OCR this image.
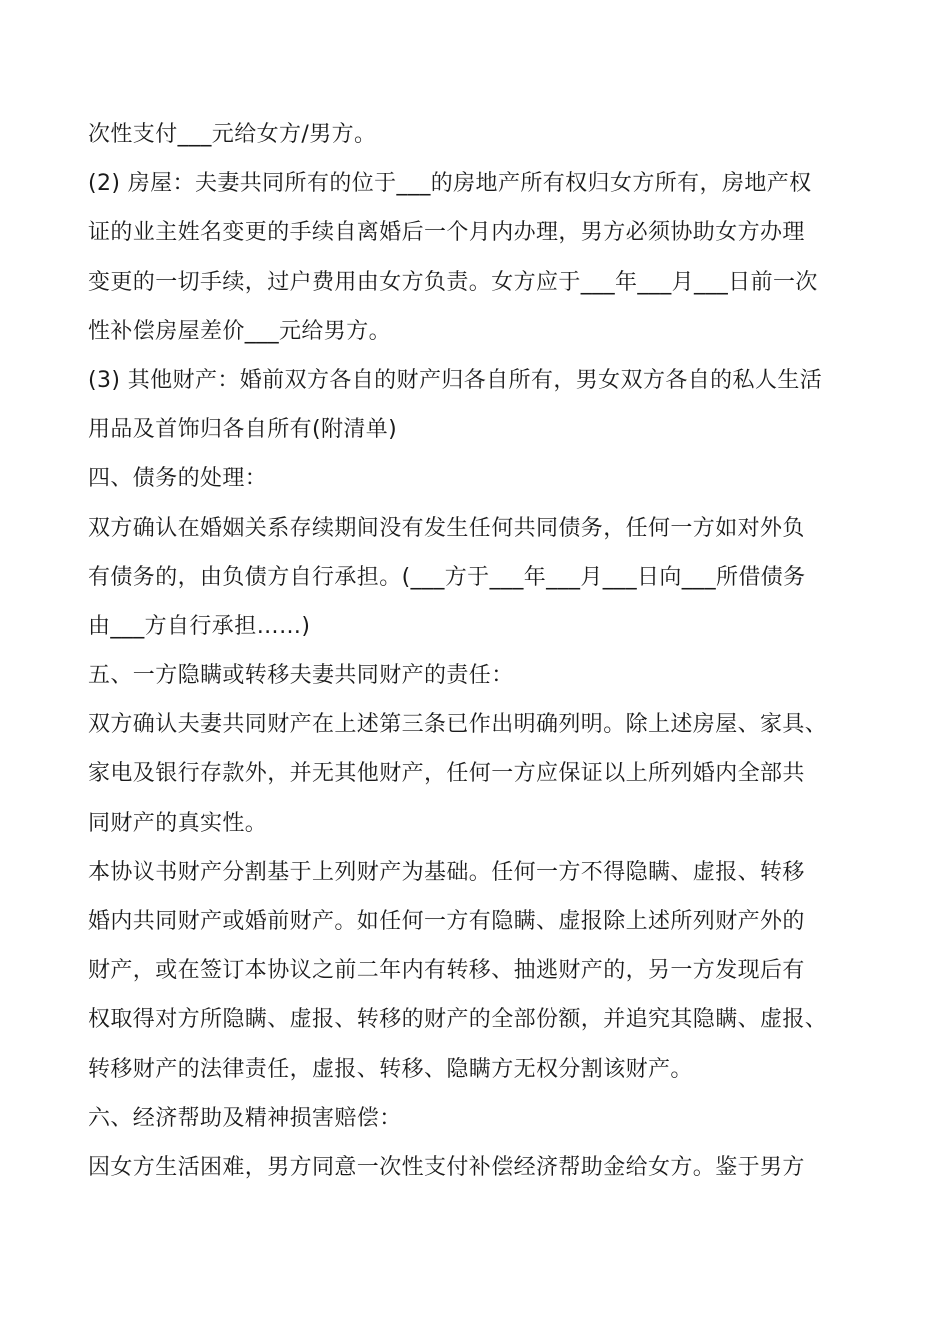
次性支付___元给女方/男方。
(2) 房屋：夫妻共同所有的位于___的房地产所有权归女方所有，房地产权
证的业主姓名变更的手续自离婚后一个月内办理，男方必须协助女方办理
变更的一切手续，过户费用由女方负责。女方应于___年___月___日前一次
性补偿房屋差价___元给男方。
(3) 其他财产：婚前双方各自的财产归各自所有，男女双方各自的私人生活
用品及首饰归各自所有(附清单)
四、债务的处理：
双方确认在婚姻关系存续期间没有发生任何共同债务，任何一方如对外负
有债务的，由负债方自行承担。(___方于___年___月___日向___所借债务
由___方自行承担……)
五、一方隐瞒或转移夫妻共同财产的责任：
双方确认夫妻共同财产在上述第三条已作出明确列明。除上述房屋、家具、
家电及银行存款外，并无其他财产，任何一方应保证以上所列婚内全部共
同财产的真实性。
本协议书财产分割基于上列财产为基础。任何一方不得隐瞒、虚报、转移
婚内共同财产或婚前财产。如任何一方有隐瞒、虚报除上述所列财产外的
财产，或在签订本协议之前二年内有转移、抽逃财产的，另一方发现后有
权取得对方所隐瞒、虚报、转移的财产的全部份额，并追究其隐瞒、虚报、
转移财产的法律责任，虚报、转移、隐瞒方无权分割该财产。
六、经济帮助及精神损害赔偿：
因女方生活困难，男方同意一次性支付补偿经济帮助金给女方。鉴于男方
